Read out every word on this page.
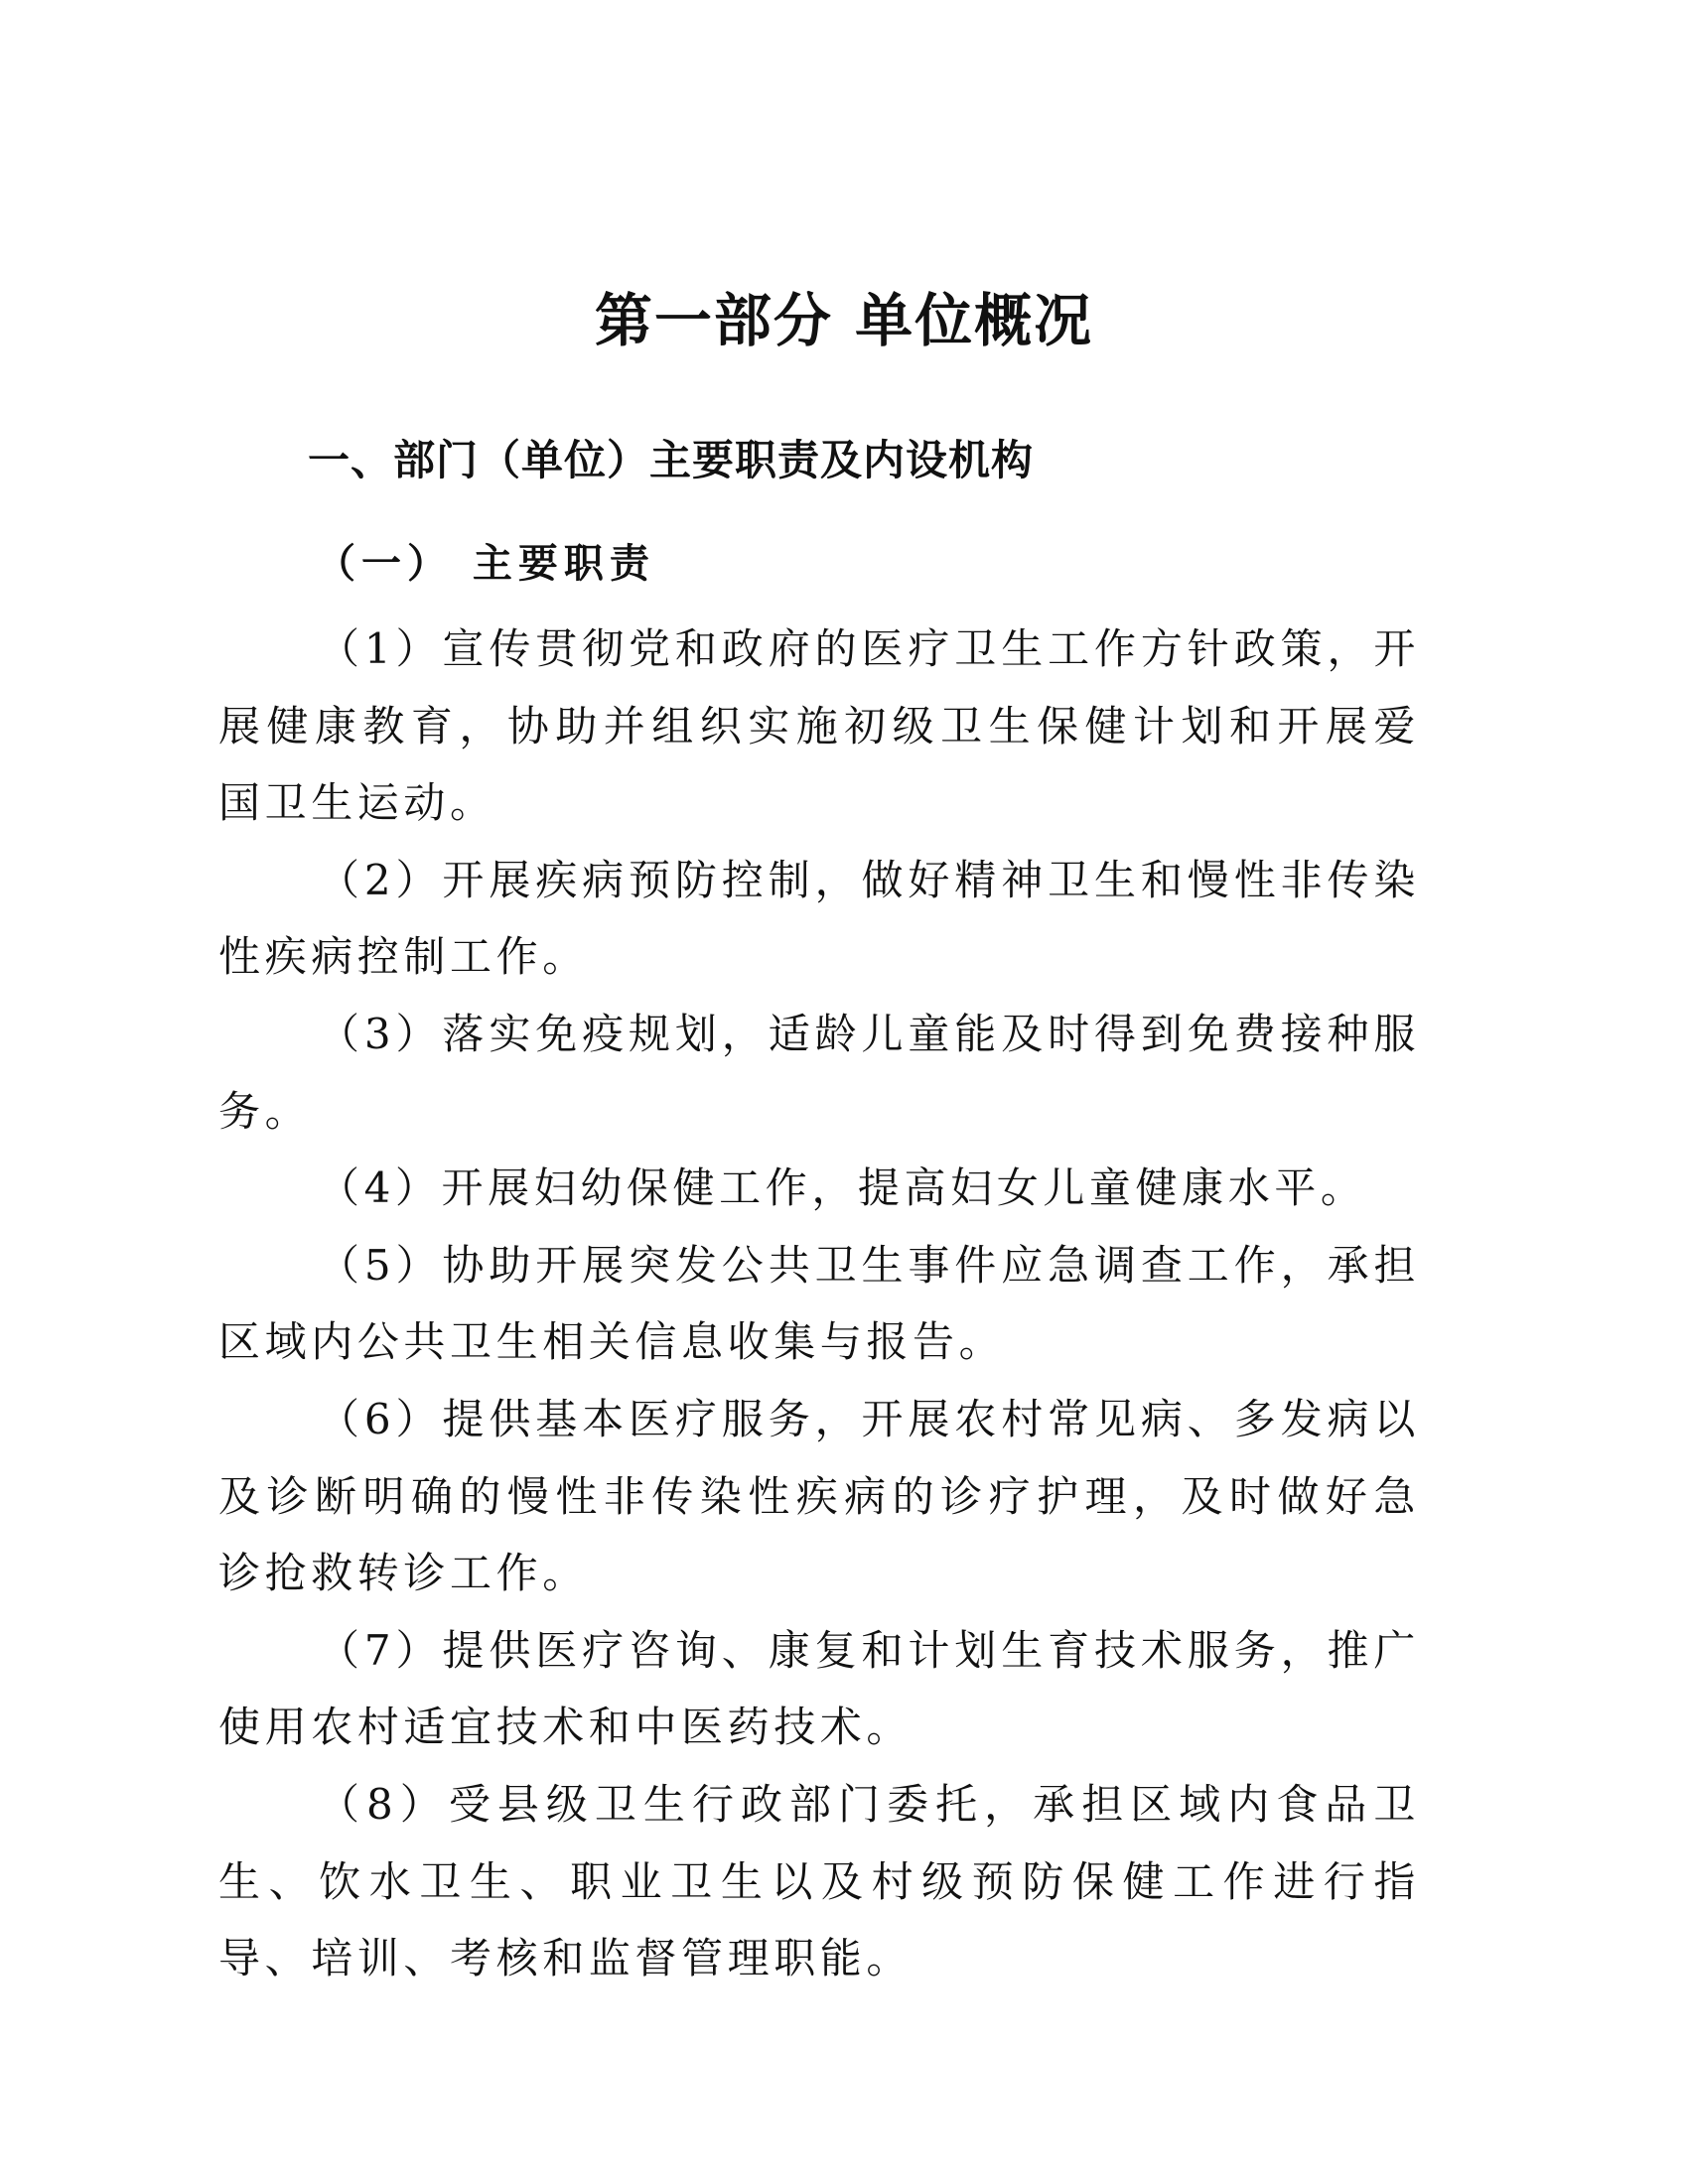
第一部分 单位概况
一、部门（单位）主要职责及内设机构
（一） 主要职责

（1）宣传贯彻党和政府的医疗卫生工作方针政策，开展健康教育，协助并组织实施初级卫生保健计划和开展爱国卫生运动。

（2）开展疾病预防控制，做好精神卫生和慢性非传染性疾病控制工作。

（3）落实免疫规划，适龄儿童能及时得到免费接种服务。

（4）开展妇幼保健工作，提高妇女儿童健康水平。

（5）协助开展突发公共卫生事件应急调查工作，承担区域内公共卫生相关信息收集与报告。

（6）提供基本医疗服务，开展农村常见病、多发病以及诊断明确的慢性非传染性疾病的诊疗护理，及时做好急诊抢救转诊工作。

（7）提供医疗咨询、康复和计划生育技术服务，推广使用农村适宜技术和中医药技术。

（8）受县级卫生行政部门委托，承担区域内食品卫生、饮水卫生、职业卫生以及村级预防保健工作进行指导、培训、考核和监督管理职能。
